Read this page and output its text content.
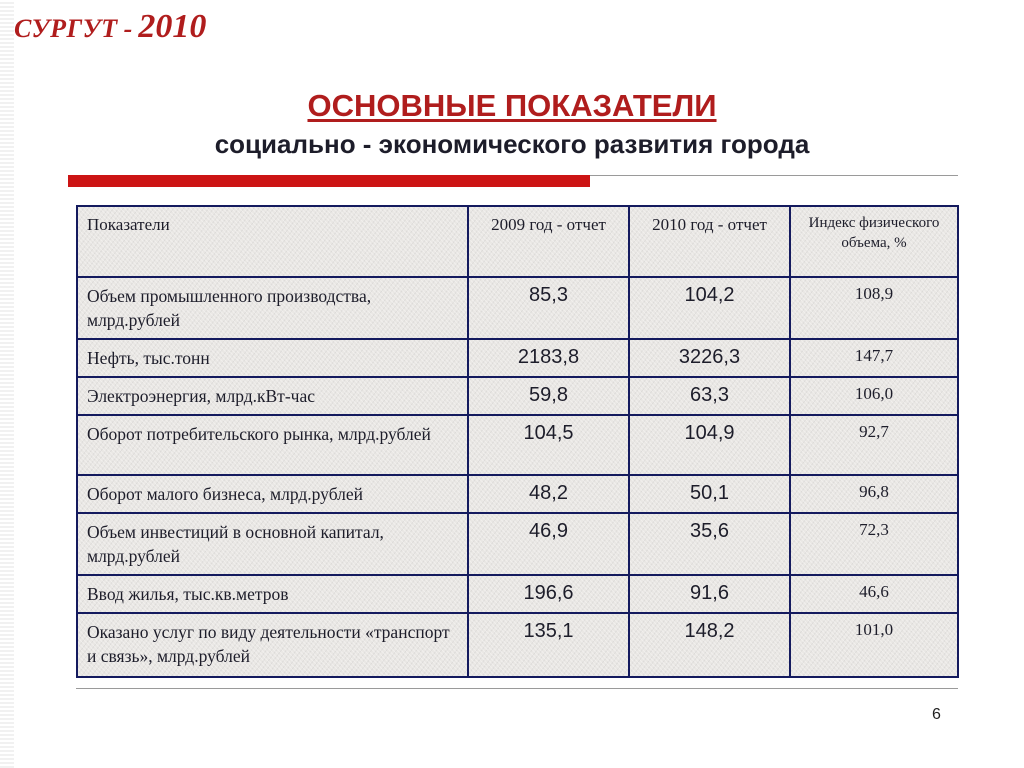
СУРГУТ - 2010
ОСНОВНЫЕ ПОКАЗАТЕЛИ
социально - экономического развития города
Показатели	2009 год - отчет	2010 год - отчет	Индекс физического объема, %
Объем промышленного производства, млрд.рублей	85,3	104,2	108,9
Нефть, тыс.тонн	2183,8	3226,3	147,7
Электроэнергия, млрд.кВт-час	59,8	63,3	106,0
Оборот потребительского рынка, млрд.рублей	104,5	104,9	92,7
Оборот малого бизнеса, млрд.рублей	48,2	50,1	96,8
Объем инвестиций в основной капитал, млрд.рублей	46,9	35,6	72,3
Ввод жилья, тыс.кв.метров	196,6	91,6	46,6
Оказано услуг по виду деятельности «транспорт и связь», млрд.рублей	135,1	148,2	101,0
6
